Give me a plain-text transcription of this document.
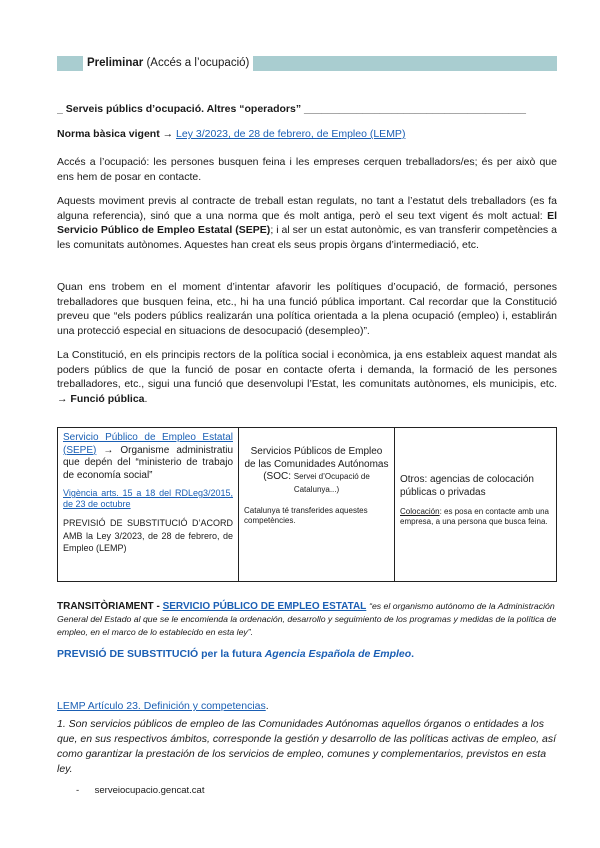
Preliminar (Accés a l’ocupació)
_ Serveis públics d’ocupació. Altres “operadors” ______________________________________
Norma bàsica vigent → Ley 3/2023, de 28 de febrero, de Empleo (LEMP)
Accés a l’ocupació: les persones busquen feina i les empreses cerquen treballadors/es; és per això que ens hem de posar en contacte.
Aquests moviment previs al contracte de treball estan regulats, no tant a l’estatut dels treballadors (es fa alguna referencia), sinó que a una norma que és molt antiga, però el seu text vigent és molt actual: El Servicio Público de Empleo Estatal (SEPE); i al ser un estat autonòmic, es van transferir competències a les comunitats autònomes. Aquestes han creat els seus propis òrgans d’intermediació, etc.
Quan ens trobem en el moment d’intentar afavorir les polítiques d’ocupació, de formació, persones treballadores que busquen feina, etc., hi ha una funció pública important. Cal recordar que la Constitució preveu que “els poders públics realizarán una política orientada a la plena ocupació (empleo) i, establirán una protecció especial en situacions de desocupació (desempleo)”.
La Constitució, en els principis rectors de la política social i econòmica, ja ens estableix aquest mandat als poders públics de que la funció de posar en contacte oferta i demanda, la formació de les persones treballadores, etc., sigui una funció que desenvolupi l’Estat, les comunitats autònomes, els municipis, etc. → Funció pública.
Servicio Público de Empleo Estatal (SEPE) → Organisme administratiu que depén del “ministerio de trabajo de economía social”
Vigència arts. 15 a 18 del RDLeg3/2015, de 23 de octubre
PREVISIÓ DE SUBSTITUCIÓ D’ACORD AMB la Ley 3/2023, de 28 de febrero, de Empleo (LEMP)

Servicios Públicos de Empleo de las Comunidades Autónomas
(SOC: Servei d’Ocupació de Catalunya...)
Catalunya té transferides aquestes competències.

Otros: agencias de colocación públicas o privadas
Colocación: es posa en contacte amb una empresa, a una persona que busca feina.
TRANSITÒRIAMENT - SERVICIO PÚBLICO DE EMPLEO ESTATAL “es el organismo autónomo de la Administración General del Estado al que se le encomienda la ordenación, desarrollo y seguimiento de los programas y medidas de la política de empleo, en el marco de lo establecido en esta ley”.
PREVISIÓ DE SUBSTITUCIÓ per la futura Agencia Española de Empleo.
LEMP Artículo 23. Definición y competencias.
1. Son servicios públicos de empleo de las Comunidades Autónomas aquellos órganos o entidades a los que, en sus respectivos ámbitos, corresponde la gestión y desarrollo de las políticas activas de empleo, así como garantizar la prestación de los servicios de empleo, comunes y complementarios, previstos en esta ley.
- serveiocupacio.gencat.cat
